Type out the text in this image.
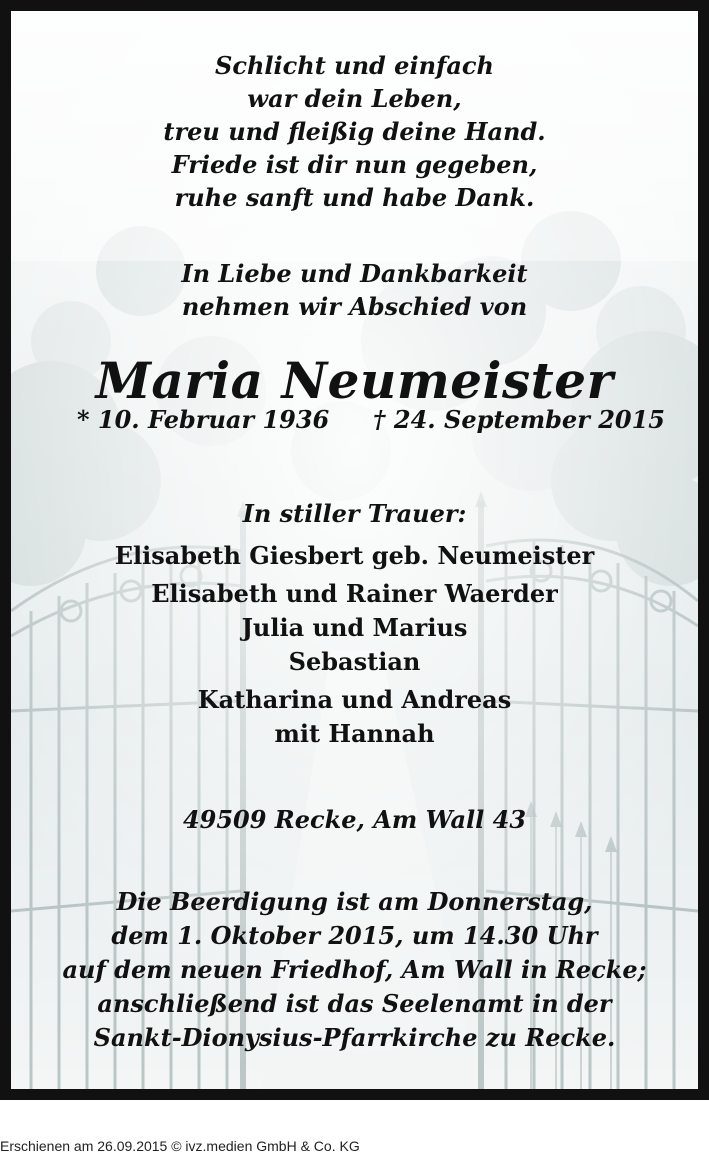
Schlicht und einfach
war dein Leben,
treu und fleißig deine Hand.
Friede ist dir nun gegeben,
ruhe sanft und habe Dank.
In Liebe und Dankbarkeit
nehmen wir Abschied von
Maria Neumeister
* 10. Februar 1936 † 24. September 2015
In stiller Trauer:
Elisabeth Giesbert geb. Neumeister
Elisabeth und Rainer Waerder
Julia und Marius
Sebastian
Katharina und Andreas
mit Hannah
49509 Recke, Am Wall 43
Die Beerdigung ist am Donnerstag,
dem 1. Oktober 2015, um 14.30 Uhr
auf dem neuen Friedhof, Am Wall in Recke;
anschließend ist das Seelenamt in der
Sankt-Dionysius-Pfarrkirche zu Recke.
Erschienen am 26.09.2015 © ivz.medien GmbH & Co. KG
